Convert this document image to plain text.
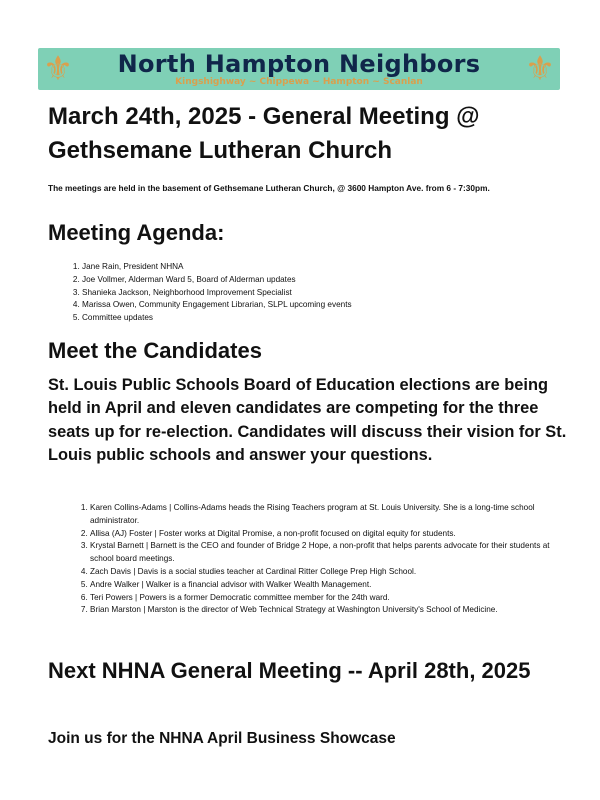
⚜	North Hampton Neighbors
Kingshighway ~ Chippewa ~ Hampton ~ Scanlan	⚜
March 24th, 2025 - General Meeting @ Gethsemane Lutheran Church
The meetings are held in the basement of Gethsemane Lutheran Church, @ 3600 Hampton Ave. from 6 - 7:30pm.
Meeting Agenda:
1. Jane Rain, President NHNA
2. Joe Vollmer, Alderman Ward 5, Board of Alderman updates
3. Shanieka Jackson, Neighborhood Improvement Specialist
4. Marissa Owen, Community Engagement Librarian, SLPL upcoming events
5. Committee updates
Meet the Candidates
St. Louis Public Schools Board of Education elections are being held in April and eleven candidates are competing for the three seats up for re-election. Candidates will discuss their vision for St. Louis public schools and answer your questions.
1. Karen Collins-Adams | Collins-Adams heads the Rising Teachers program at St. Louis University. She is a long-time school administrator.
2. Allisa (AJ) Foster | Foster works at Digital Promise, a non-profit focused on digital equity for students.
3. Krystal Barnett | Barnett is the CEO and founder of Bridge 2 Hope, a non-profit that helps parents advocate for their students at school board meetings.
4. Zach Davis | Davis is a social studies teacher at Cardinal Ritter College Prep High School.
5. Andre Walker | Walker is a financial advisor with Walker Wealth Management.
6. Teri Powers | Powers is a former Democratic committee member for the 24th ward.
7. Brian Marston | Marston is the director of Web Technical Strategy at Washington University's School of Medicine.
Next NHNA General Meeting -- April 28th, 2025
Join us for the NHNA April Business Showcase
